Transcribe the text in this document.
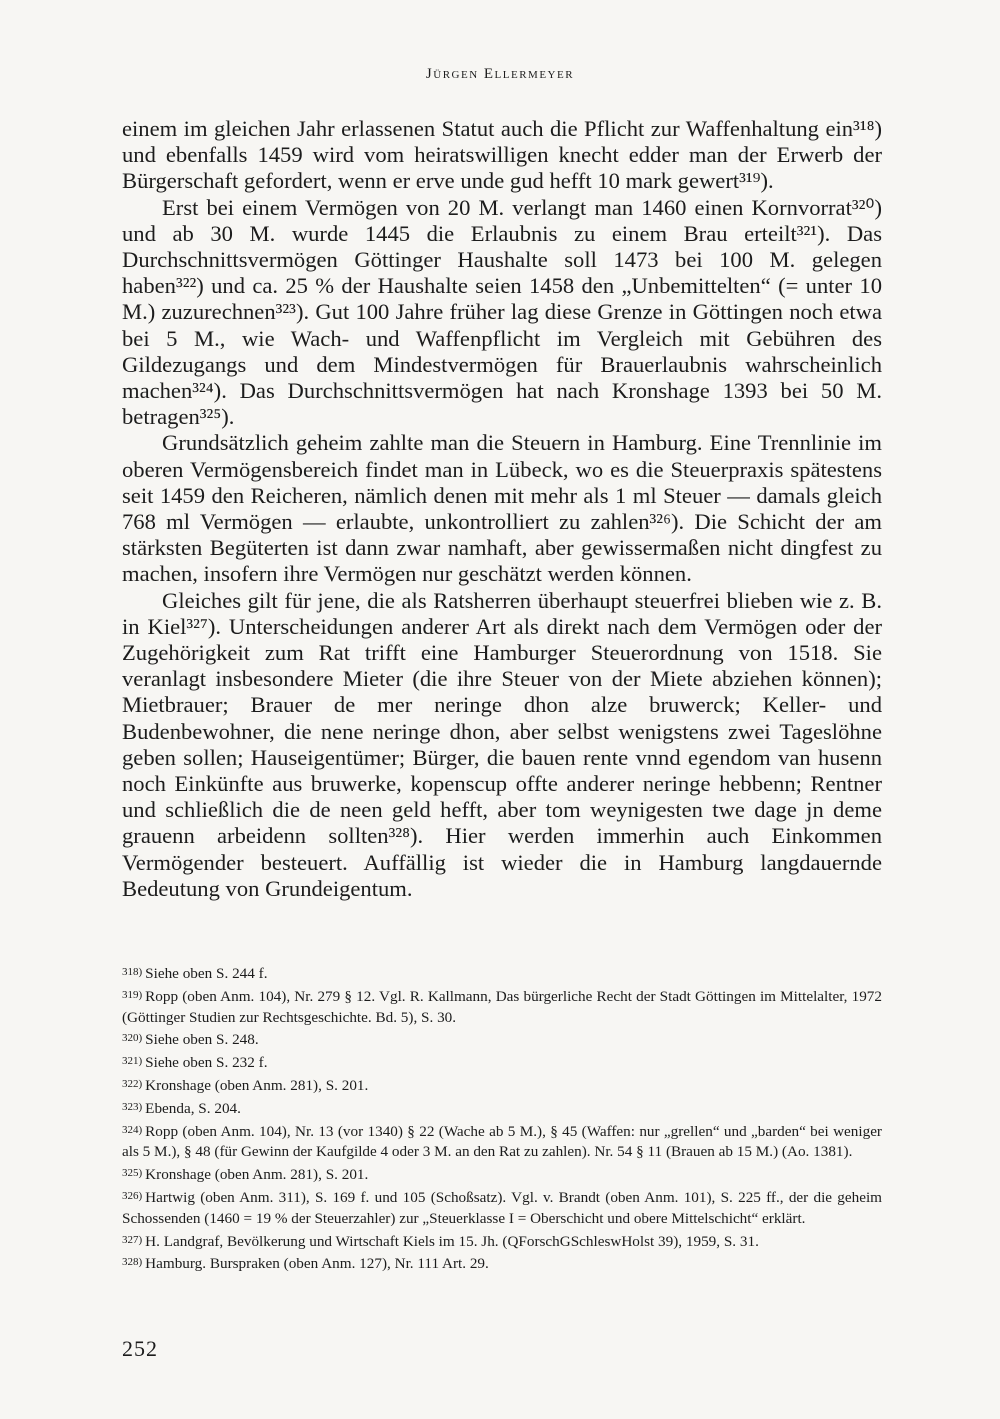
Jürgen Ellermeyer

einem im gleichen Jahr erlassenen Statut auch die Pflicht zur Waffenhaltung ein³¹⁸) und ebenfalls 1459 wird vom heiratswilligen knecht edder man der Erwerb der Bürgerschaft gefordert, wenn er erve unde gud hefft 10 mark gewert³¹⁹).

Erst bei einem Vermögen von 20 M. verlangt man 1460 einen Kornvorrat³²⁰) und ab 30 M. wurde 1445 die Erlaubnis zu einem Brau erteilt³²¹). Das Durchschnittsvermögen Göttinger Haushalte soll 1473 bei 100 M. gelegen haben³²²) und ca. 25 % der Haushalte seien 1458 den „Unbemittelten“ (= unter 10 M.) zuzurechnen³²³). Gut 100 Jahre früher lag diese Grenze in Göttingen noch etwa bei 5 M., wie Wach- und Waffenpflicht im Vergleich mit Gebühren des Gildezugangs und dem Mindestvermögen für Brauerlaubnis wahrscheinlich machen³²⁴). Das Durchschnittsvermögen hat nach Kronshage 1393 bei 50 M. betragen³²⁵).

Grundsätzlich geheim zahlte man die Steuern in Hamburg. Eine Trennlinie im oberen Vermögensbereich findet man in Lübeck, wo es die Steuerpraxis spätestens seit 1459 den Reicheren, nämlich denen mit mehr als 1 ml Steuer — damals gleich 768 ml Vermögen — erlaubte, unkontrolliert zu zahlen³²⁶). Die Schicht der am stärksten Begüterten ist dann zwar namhaft, aber gewissermaßen nicht dingfest zu machen, insofern ihre Vermögen nur geschätzt werden können.

Gleiches gilt für jene, die als Ratsherren überhaupt steuerfrei blieben wie z. B. in Kiel³²⁷). Unterscheidungen anderer Art als direkt nach dem Vermögen oder der Zugehörigkeit zum Rat trifft eine Hamburger Steuerordnung von 1518. Sie veranlagt insbesondere Mieter (die ihre Steuer von der Miete abziehen können); Mietbrauer; Brauer de mer neringe dhon alze bruwerck; Keller- und Budenbewohner, die nene neringe dhon, aber selbst wenigstens zwei Tageslöhne geben sollen; Hauseigentümer; Bürger, die bauen rente vnnd egendom van husenn noch Einkünfte aus bruwerke, kopenscup offte anderer neringe hebbenn; Rentner und schließlich die de neen geld hefft, aber tom weynigesten twe dage jn deme grauenn arbeidenn sollten³²⁸). Hier werden immerhin auch Einkommen Vermögender besteuert. Auffällig ist wieder die in Hamburg langdauernde Bedeutung von Grundeigentum.

318) Siehe oben S. 244 f.

319) Ropp (oben Anm. 104), Nr. 279 § 12. Vgl. R. Kallmann, Das bürgerliche Recht der Stadt Göttingen im Mittelalter, 1972 (Göttinger Studien zur Rechtsgeschichte. Bd. 5), S. 30.

320) Siehe oben S. 248.

321) Siehe oben S. 232 f.

322) Kronshage (oben Anm. 281), S. 201.

323) Ebenda, S. 204.

324) Ropp (oben Anm. 104), Nr. 13 (vor 1340) § 22 (Wache ab 5 M.), § 45 (Waffen: nur „grellen“ und „barden“ bei weniger als 5 M.), § 48 (für Gewinn der Kaufgilde 4 oder 3 M. an den Rat zu zahlen). Nr. 54 § 11 (Brauen ab 15 M.) (Ao. 1381).

325) Kronshage (oben Anm. 281), S. 201.

326) Hartwig (oben Anm. 311), S. 169 f. und 105 (Schoßsatz). Vgl. v. Brandt (oben Anm. 101), S. 225 ff., der die geheim Schossenden (1460 = 19 % der Steuerzahler) zur „Steuerklasse I = Oberschicht und obere Mittelschicht“ erklärt.

327) H. Landgraf, Bevölkerung und Wirtschaft Kiels im 15. Jh. (QForschGSchleswHolst 39), 1959, S. 31.

328) Hamburg. Burspraken (oben Anm. 127), Nr. 111 Art. 29.

252
